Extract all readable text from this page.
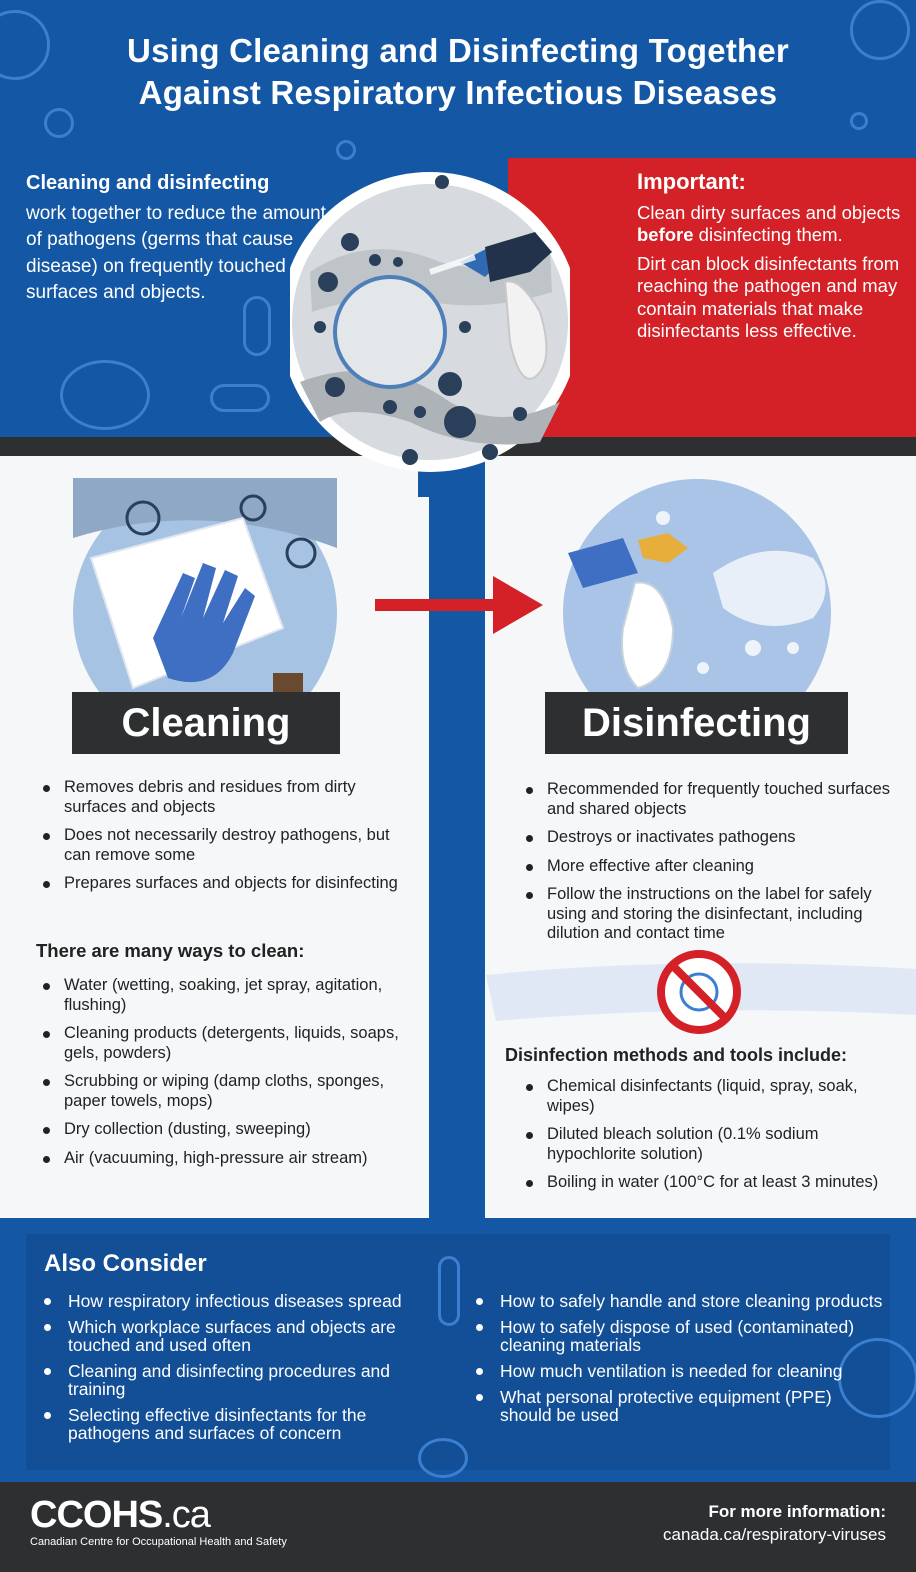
Using Cleaning and Disinfecting Together
Against Respiratory Infectious Diseases
Cleaning and disinfecting
work together to reduce the amount of pathogens (germs that cause disease) on frequently touched surfaces and objects.
Important:

Clean dirty surfaces and objects before disinfecting them.

Dirt can block disinfectants from reaching the pathogen and may contain materials that make disinfectants less effective.

Cleaning	Disinfecting
Removes debris and residues from dirty surfaces and objects
Does not necessarily destroy pathogens, but can remove some
Prepares surfaces and objects for disinfecting
There are many ways to clean:
Water (wetting, soaking, jet spray, agitation, flushing)
Cleaning products (detergents, liquids, soaps, gels, powders)
Scrubbing or wiping (damp cloths, sponges, paper towels, mops)
Dry collection (dusting, sweeping)
Air (vacuuming, high-pressure air stream)
Recommended for frequently touched surfaces and shared objects
Destroys or inactivates pathogens
More effective after cleaning
Follow the instructions on the label for safely using and storing the disinfectant, including dilution and contact time
Disinfection methods and tools include:
Chemical disinfectants (liquid, spray, soak, wipes)
Diluted bleach solution (0.1% sodium hypochlorite solution)
Boiling in water (100°C for at least 3 minutes)
Also Consider
How respiratory infectious diseases spread
Which workplace surfaces and objects are touched and used often
Cleaning and disinfecting procedures and training
Selecting effective disinfectants for the pathogens and surfaces of concern
How to safely handle and store cleaning products
How to safely dispose of used (contaminated) cleaning materials
How much ventilation is needed for cleaning
What personal protective equipment (PPE) should be used
CCOHS.ca
Canadian Centre for Occupational Health and Safety
For more information:
canada.ca/respiratory-viruses
